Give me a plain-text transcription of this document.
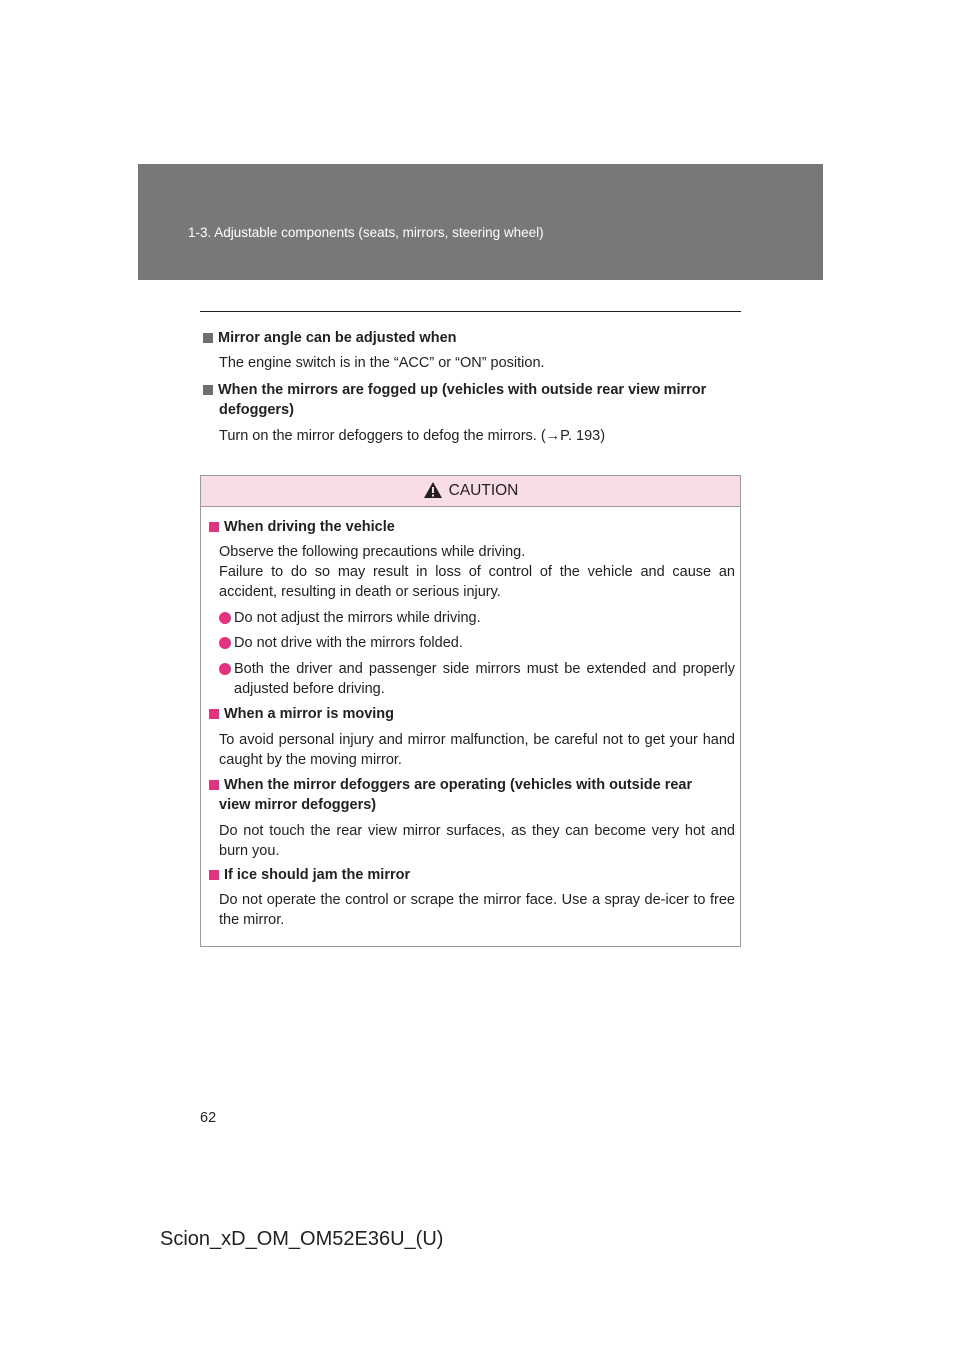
1-3. Adjustable components (seats, mirrors, steering wheel)
Mirror angle can be adjusted when
The engine switch is in the “ACC” or “ON” position.
When the mirrors are fogged up (vehicles with outside rear view mirror
defoggers)
Turn on the mirror defoggers to defog the mirrors. (→P. 193)
CAUTION
When driving the vehicle
Observe the following precautions while driving.
Failure to do so may result in loss of control of the vehicle and cause an accident, resulting in death or serious injury.
Do not adjust the mirrors while driving.
Do not drive with the mirrors folded.
Both the driver and passenger side mirrors must be extended and properly adjusted before driving.
When a mirror is moving
To avoid personal injury and mirror malfunction, be careful not to get your hand caught by the moving mirror.
When the mirror defoggers are operating (vehicles with outside rear
view mirror defoggers)
Do not touch the rear view mirror surfaces, as they can become very hot and burn you.
If ice should jam the mirror
Do not operate the control or scrape the mirror face. Use a spray de-icer to free the mirror.
62
Scion_xD_OM_OM52E36U_(U)
